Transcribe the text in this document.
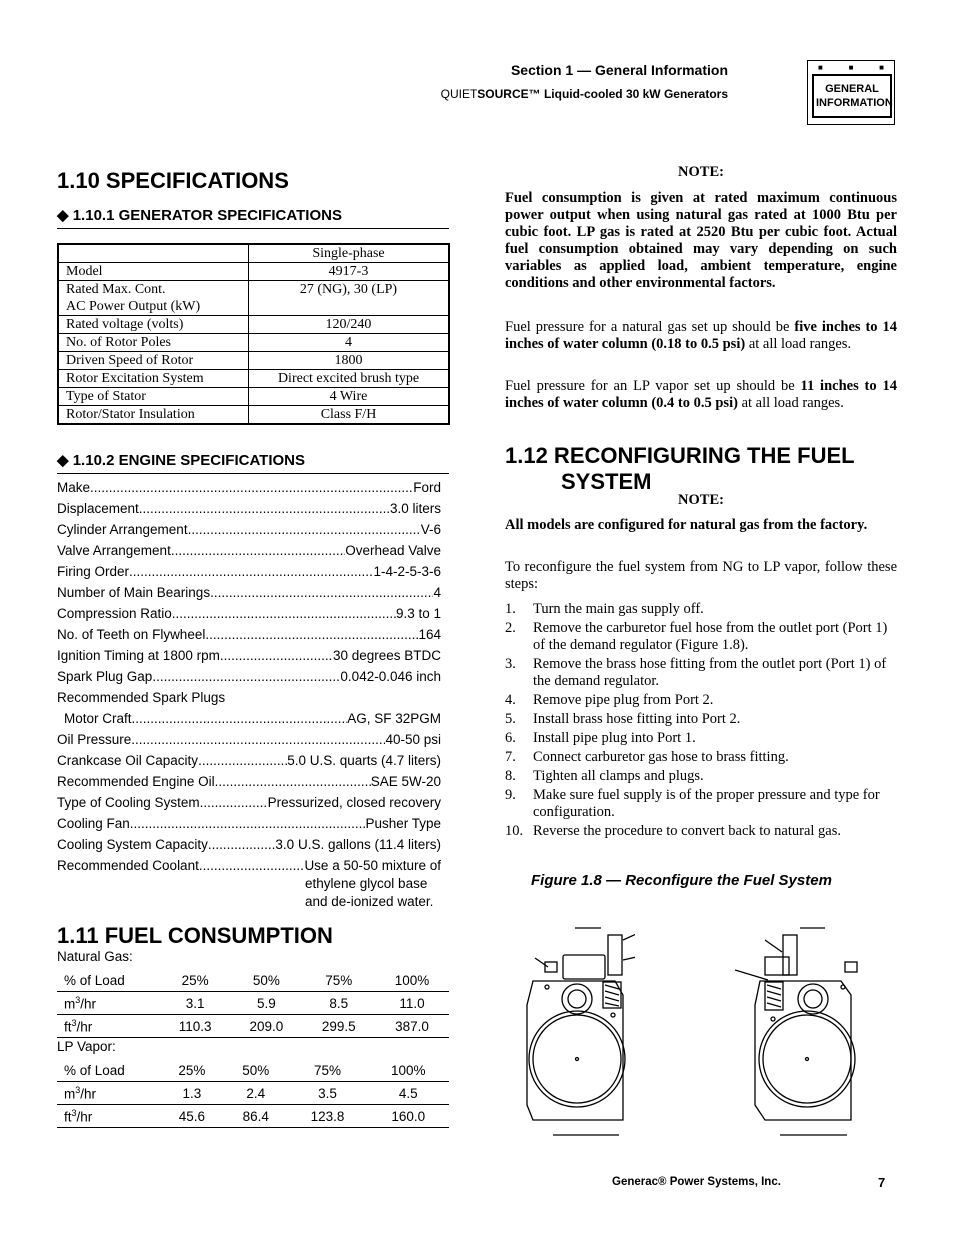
Section 1 — General Information
QUIETSOURCE™ Liquid-cooled 30 kW Generators	GENERAL
INFORMATION
■	■	■
1.10 SPECIFICATIONS
◆ 1.10.1 GENERATOR SPECIFICATIONS
	Single-phase
Model	4917-3

Rated Max. Cont.
AC Power Output (kW)	27 (NG), 30 (LP)
Rated voltage (volts)	120/240
No. of Rotor Poles	4
Driven Speed of Rotor	1800
Rotor Excitation System	Direct excited brush type
Type of Stator	4 Wire
Rotor/Stator Insulation	Class F/H
◆ 1.10.2 ENGINE SPECIFICATIONS
Make .....	Ford
Displacement .....	3.0 liters
Cylinder Arrangement .....	V-6
Valve Arrangement .....	Overhead Valve
Firing Order .....	1-4-2-5-3-6
Number of Main Bearings .....	4
Compression Ratio .....	9.3 to 1
No. of Teeth on Flywheel .....	164
Ignition Timing at 1800 rpm .....	30 degrees BTDC
Spark Plug Gap .....	0.042-0.046 inch
Recommended Spark Plugs
Motor Craft .....	AG, SF 32PGM
Oil Pressure .....	40-50 psi
Crankcase Oil Capacity .....	5.0 U.S. quarts (4.7 liters)
Recommended Engine Oil .....	SAE 5W-20
Type of Cooling System .....	Pressurized, closed recovery
Cooling Fan .....	Pusher Type
Cooling System Capacity .....	3.0 U.S. gallons (11.4 liters)
Recommended Coolant .....	Use a 50-50 mixture of
ethylene glycol base
and de-ionized water.
1.11 FUEL CONSUMPTION
Natural Gas:
% of Load	25%	50%	75%	100%
$m^3/hr$	3.1	5.9	8.5	11.0
$ft^3/hr$	110.3	209.0	299.5	387.0
LP Vapor:
% of Load	25%	50%	75%	100%
$m^3/hr$	1.3	2.4	3.5	4.5
$ft^3/hr$	45.6	86.4	123.8	160.0
NOTE:
Fuel consumption is given at rated maximum continuous power output when using natural gas rated at 1000 Btu per cubic foot. LP gas is rated at 2520 Btu per cubic foot. Actual fuel consumption obtained may vary depending on such variables as applied load, ambient temperature, engine conditions and other environmental factors.
Fuel pressure for a natural gas set up should be five inches to 14 inches of water column (0.18 to 0.5 psi) at all load ranges.
Fuel pressure for an LP vapor set up should be 11 inches to 14 inches of water column (0.4 to 0.5 psi) at all load ranges.
1.12 RECONFIGURING THE FUEL
SYSTEM
NOTE:
All models are configured for natural gas from the factory.
To reconfigure the fuel system from NG to LP vapor, follow these steps:
1.	Turn the main gas supply off.
2.	Remove the carburetor fuel hose from the outlet port (Port 1) of the demand regulator (Figure 1.8).
3.	Remove the brass hose fitting from the outlet port (Port 1) of the demand regulator.
4.	Remove pipe plug from Port 2.
5.	Install brass hose fitting into Port 2.
6.	Install pipe plug into Port 1.
7.	Connect carburetor gas hose to brass fitting.
8.	Tighten all clamps and plugs.
9.	Make sure fuel supply is of the proper pressure and type for configuration.
10. Reverse the procedure to convert back to natural gas.
Figure 1.8 — Reconfigure the Fuel System
Generac® Power Systems, Inc.	7
